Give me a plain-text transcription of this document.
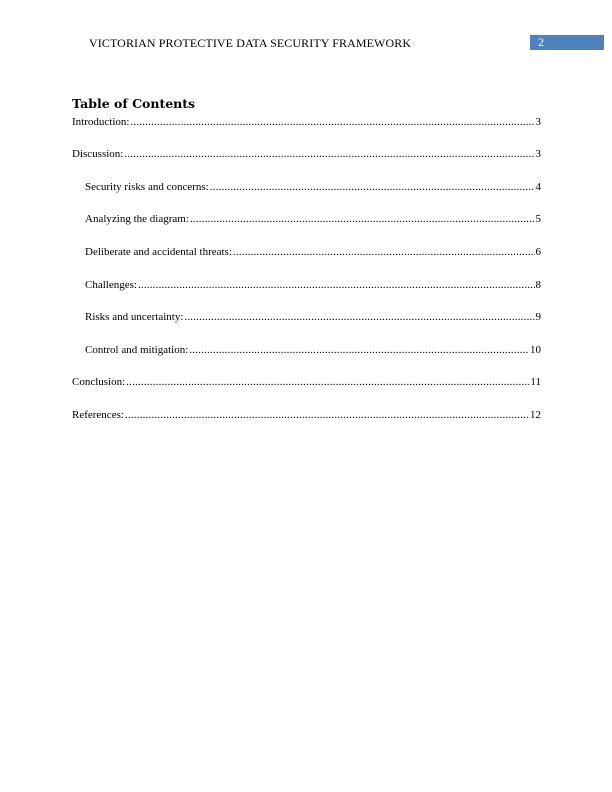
VICTORIAN PROTECTIVE DATA SECURITY FRAMEWORK	2
Table of Contents
Introduction: .....	3
Discussion: .....	3
Security risks and concerns: .....	4
Analyzing the diagram: .....	5
Deliberate and accidental threats: .....	6
Challenges: .....	8
Risks and uncertainty: .....	9
Control and mitigation: .....	10
Conclusion: .....	11
References: .....	12
